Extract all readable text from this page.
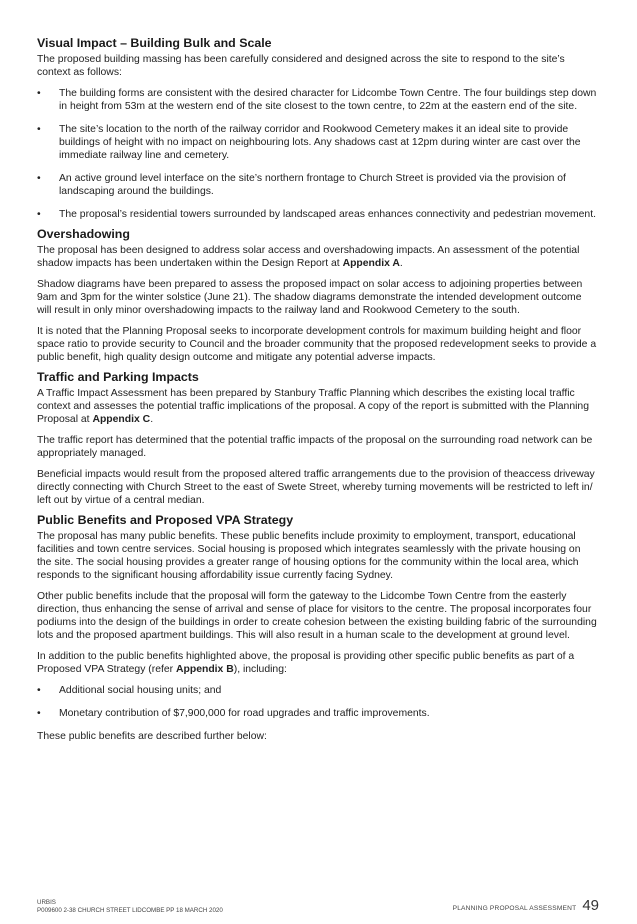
Visual Impact – Building Bulk and Scale

The proposed building massing has been carefully considered and designed across the site to respond to the site’s context as follows:

• The building forms are consistent with the desired character for Lidcombe Town Centre. The four buildings step down in height from 53m at the western end of the site closest to the town centre, to 22m at the eastern end of the site.
• The site’s location to the north of the railway corridor and Rookwood Cemetery makes it an ideal site to provide buildings of height with no impact on neighbouring lots. Any shadows cast at 12pm during winter are cast over the immediate railway line and cemetery.
• An active ground level interface on the site’s northern frontage to Church Street is provided via the provision of landscaping around the buildings.
• The proposal’s residential towers surrounded by landscaped areas enhances connectivity and pedestrian movement.
Overshadowing

The proposal has been designed to address solar access and overshadowing impacts. An assessment of the potential shadow impacts has been undertaken within the Design Report at Appendix A.

Shadow diagrams have been prepared to assess the proposed impact on solar access to adjoining properties between 9am and 3pm for the winter solstice (June 21). The shadow diagrams demonstrate the intended development outcome will result in only minor overshadowing impacts to the railway land and Rookwood Cemetery to the south.

It is noted that the Planning Proposal seeks to incorporate development controls for maximum building height and floor space ratio to provide security to Council and the broader community that the proposed redevelopment seeks to provide a public benefit, high quality design outcome and mitigate any potential adverse impacts.

Traffic and Parking Impacts

A Traffic Impact Assessment has been prepared by Stanbury Traffic Planning which describes the existing local traffic context and assesses the potential traffic implications of the proposal. A copy of the report is submitted with the Planning Proposal at Appendix C.

The traffic report has determined that the potential traffic impacts of the proposal on the surrounding road network can be appropriately managed.

Beneficial impacts would result from the proposed altered traffic arrangements due to the provision of theaccess driveway directly connecting with Church Street to the east of Swete Street, whereby turning movements will be restricted to left in/ left out by virtue of a central median.

Public Benefits and Proposed VPA Strategy

The proposal has many public benefits. These public benefits include proximity to employment, transport, educational facilities and town centre services. Social housing is proposed which integrates seamlessly with the private housing on the site. The social housing provides a greater range of housing options for the community within the local area, which responds to the significant housing affordability issue currently facing Sydney.

Other public benefits include that the proposal will form the gateway to the Lidcombe Town Centre from the easterly direction, thus enhancing the sense of arrival and sense of place for visitors to the centre. The proposal incorporates four podiums into the design of the buildings in order to create cohesion between the existing building fabric of the surrounding lots and the proposed apartment buildings. This will also result in a human scale to the development at ground level.

In addition to the public benefits highlighted above, the proposal is providing other specific public benefits as part of a Proposed VPA Strategy (refer Appendix B), including:

• Additional social housing units; and
• Monetary contribution of $7,900,000 for road upgrades and traffic improvements.

These public benefits are described further below:

URBIS
P009600 2-38 CHURCH STREET LIDCOMBE PP 18 MARCH 2020	PLANNING PROPOSAL ASSESSMENT 49
